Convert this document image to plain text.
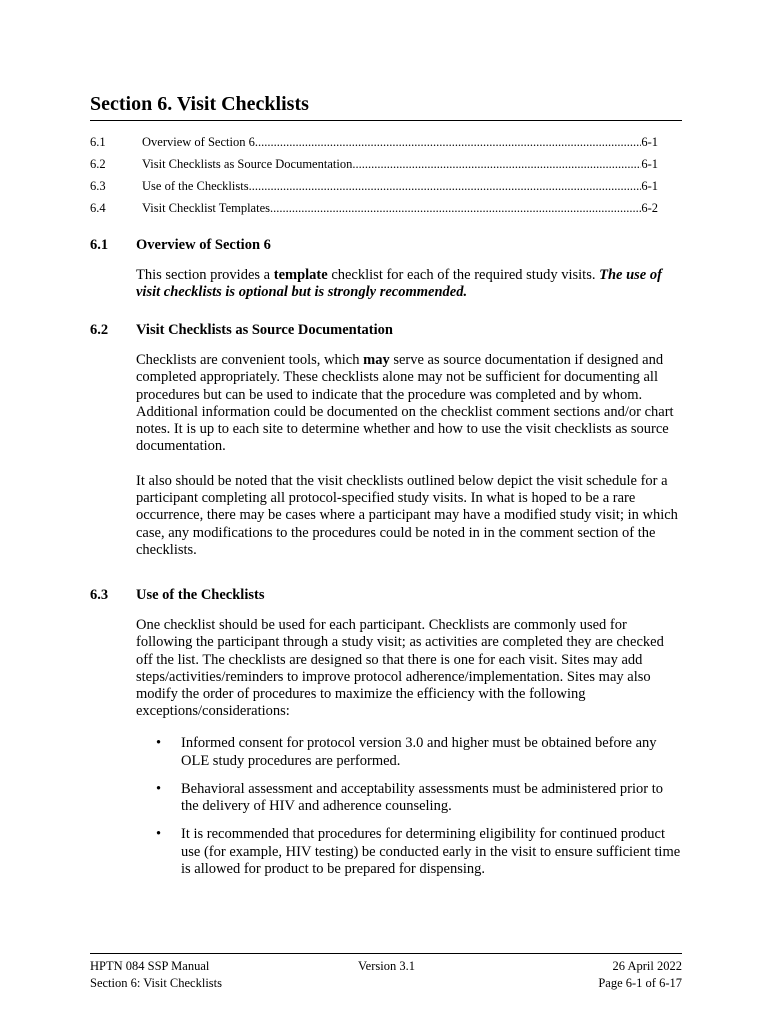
Section 6. Visit Checklists
6.1	Overview of Section 6 .....	6-1
6.2	Visit Checklists as Source Documentation .....	6-1
6.3	Use of the Checklists .....	6-1
6.4	Visit Checklist Templates .....	6-2
6.1	Overview of Section 6

This section provides a template checklist for each of the required study visits. The use of visit checklists is optional but is strongly recommended.

6.2	Visit Checklists as Source Documentation

Checklists are convenient tools, which may serve as source documentation if designed and completed appropriately. These checklists alone may not be sufficient for documenting all procedures but can be used to indicate that the procedure was completed and by whom. Additional information could be documented on the checklist comment sections and/or chart notes. It is up to each site to determine whether and how to use the visit checklists as source documentation.

It also should be noted that the visit checklists outlined below depict the visit schedule for a participant completing all protocol-specified study visits. In what is hoped to be a rare occurrence, there may be cases where a participant may have a modified study visit; in which case, any modifications to the procedures could be noted in in the comment section of the checklists.

6.3	Use of the Checklists

One checklist should be used for each participant. Checklists are commonly used for following the participant through a study visit; as activities are completed they are checked off the list. The checklists are designed so that there is one for each visit. Sites may add steps/activities/reminders to improve protocol adherence/implementation. Sites may also modify the order of procedures to maximize the efficiency with the following exceptions/considerations:

• Informed consent for protocol version 3.0 and higher must be obtained before any OLE study procedures are performed.
• Behavioral assessment and acceptability assessments must be administered prior to the delivery of HIV and adherence counseling.
• It is recommended that procedures for determining eligibility for continued product use (for example, HIV testing) be conducted early in the visit to ensure sufficient time is allowed for product to be prepared for dispensing.
HPTN 084 SSP Manual
Section 6: Visit Checklists
Version 3.1	26 April 2022
Page 6-1 of 6-17
